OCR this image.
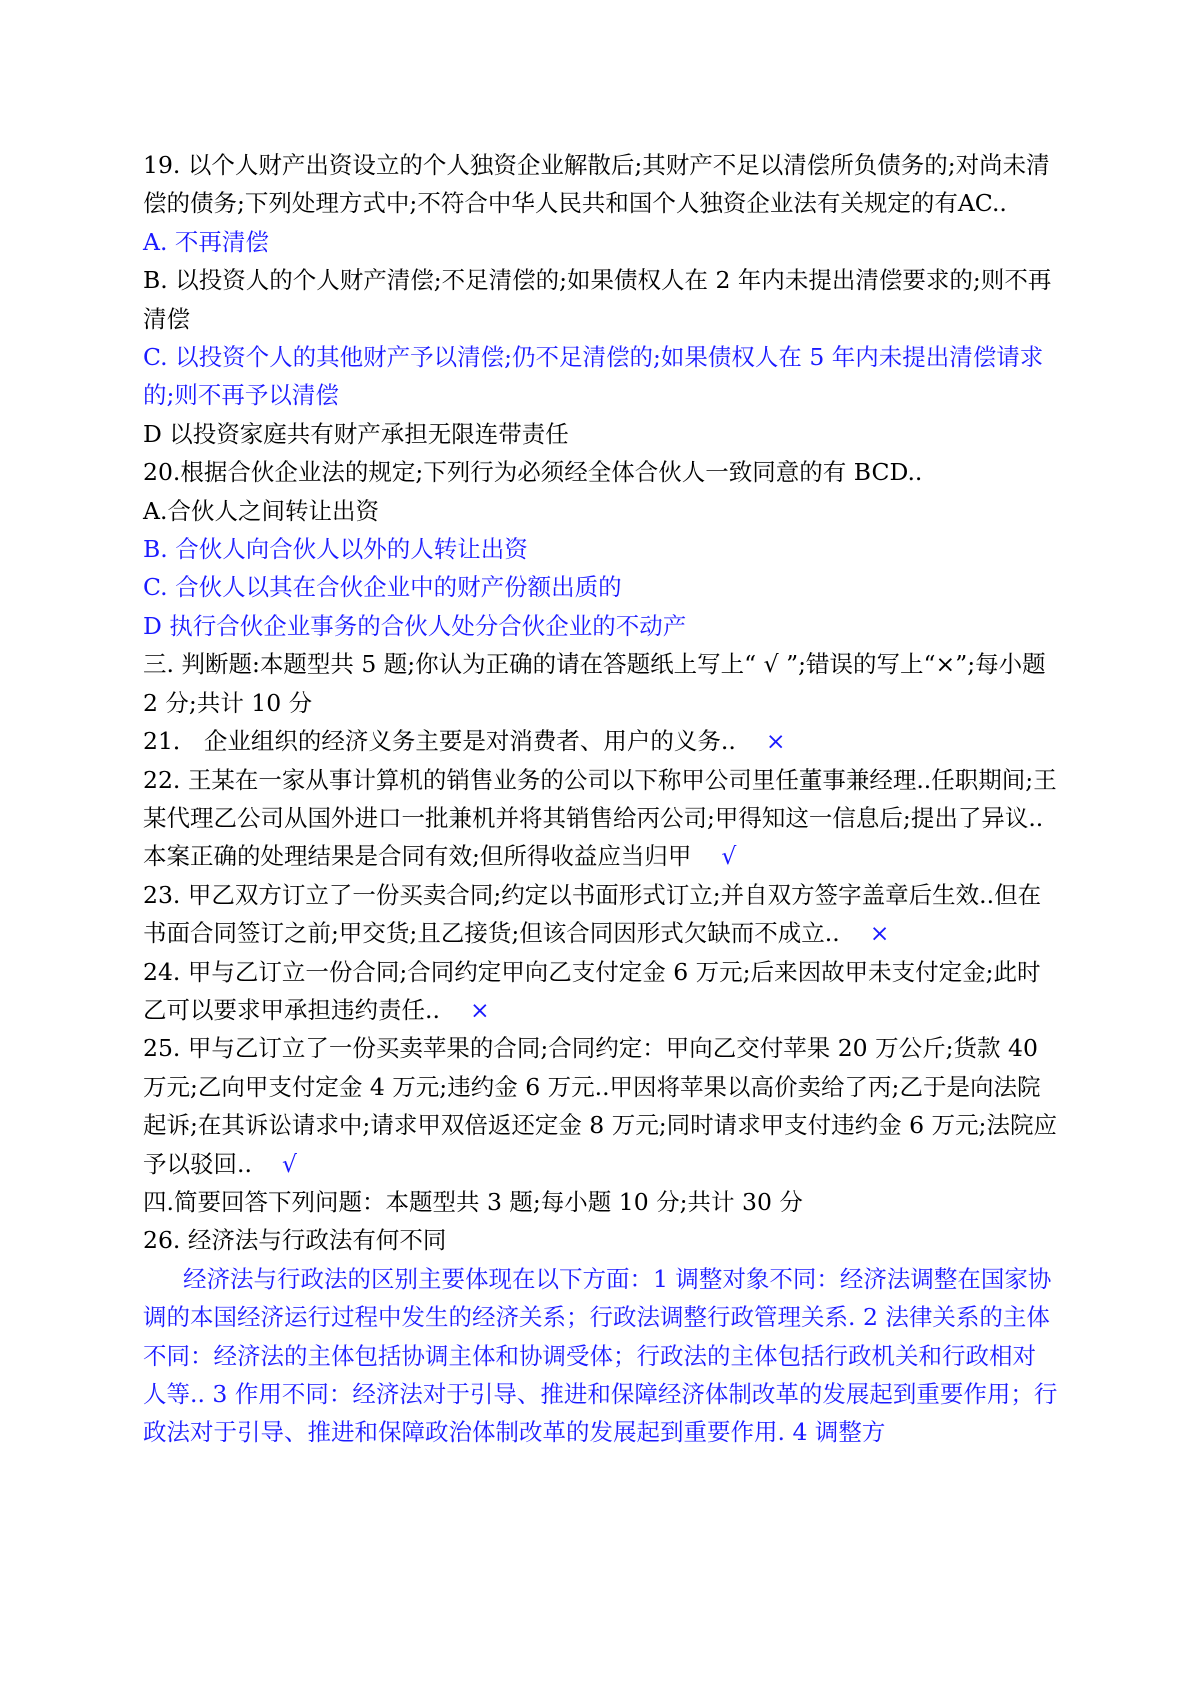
19. 以个人财产出资设立的个人独资企业解散后;其财产不足以清偿所负债务的;对尚未清偿的债务;下列处理方式中;不符合中华人民共和国个人独资企业法有关规定的有AC..

A. 不再清偿

B. 以投资人的个人财产清偿;不足清偿的;如果债权人在 2 年内未提出清偿要求的;则不再清偿

C. 以投资个人的其他财产予以清偿;仍不足清偿的;如果债权人在 5 年内未提出清偿请求的;则不再予以清偿

D 以投资家庭共有财产承担无限连带责任

20.根据合伙企业法的规定;下列行为必须经全体合伙人一致同意的有 BCD..

A.合伙人之间转让出资

B. 合伙人向合伙人以外的人转让出资

C. 合伙人以其在合伙企业中的财产份额出质的

D 执行合伙企业事务的合伙人处分合伙企业的不动产

三. 判断题:本题型共 5 题;你认为正确的请在答题纸上写上“ √ ”;错误的写上“×”;每小题 2 分;共计 10 分

21． 企业组织的经济义务主要是对消费者、用户的义务.. ×

22. 王某在一家从事计算机的销售业务的公司以下称甲公司里任董事兼经理..任职期间;王某代理乙公司从国外进口一批兼机并将其销售给丙公司;甲得知这一信息后;提出了异议..本案正确的处理结果是合同有效;但所得收益应当归甲 √

23. 甲乙双方订立了一份买卖合同;约定以书面形式订立;并自双方签字盖章后生效..但在书面合同签订之前;甲交货;且乙接货;但该合同因形式欠缺而不成立.. ×

24. 甲与乙订立一份合同;合同约定甲向乙支付定金 6 万元;后来因故甲未支付定金;此时乙可以要求甲承担违约责任.. ×

25. 甲与乙订立了一份买卖苹果的合同;合同约定：甲向乙交付苹果 20 万公斤;货款 40 万元;乙向甲支付定金 4 万元;违约金 6 万元..甲因将苹果以高价卖给了丙;乙于是向法院起诉;在其诉讼请求中;请求甲双倍返还定金 8 万元;同时请求甲支付违约金 6 万元;法院应予以驳回.. √

四.简要回答下列问题：本题型共 3 题;每小题 10 分;共计 30 分

26. 经济法与行政法有何不同

经济法与行政法的区别主要体现在以下方面：1 调整对象不同：经济法调整在国家协调的本国经济运行过程中发生的经济关系；行政法调整行政管理关系. 2 法律关系的主体不同：经济法的主体包括协调主体和协调受体；行政法的主体包括行政机关和行政相对人等.. 3 作用不同：经济法对于引导、推进和保障经济体制改革的发展起到重要作用；行政法对于引导、推进和保障政治体制改革的发展起到重要作用. 4 调整方
